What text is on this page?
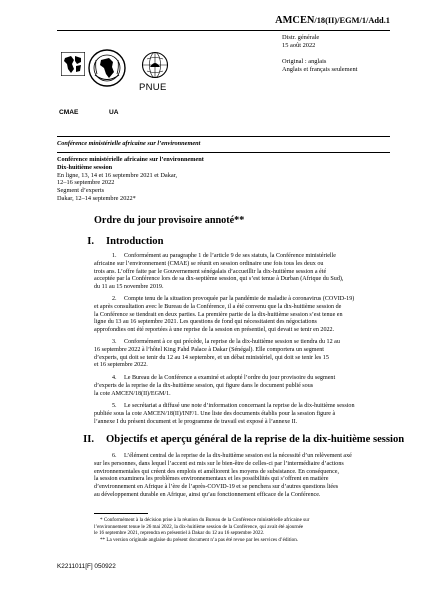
AMCEN/18(II)/EGM/1/Add.1
CMAE	UA
PNUE
Distr. générale
15 août 2022
Original : anglais
Anglais et français seulement
Conférence ministérielle africaine sur l’environnement
Conférence ministérielle africaine sur l’environnement
Dix-huitième session
En ligne, 13, 14 et 16 septembre 2021 et Dakar,
12–16 septembre 2022
Segment d’experts
Dakar, 12–14 septembre 2022*
Ordre du jour provisoire annoté**
I. Introduction
1. Conformément au paragraphe 1 de l’article 9 de ses statuts, la Conférence ministérielle
africaine sur l’environnement (CMAE) se réunit en session ordinaire une fois tous les deux ou
trois ans. L’offre faite par le Gouvernement sénégalais d’accueillir la dix-huitième session a été
acceptée par la Conférence lors de sa dix-septième session, qui s’est tenue à Durban (Afrique du Sud),
du 11 au 15 novembre 2019.
2. Compte tenu de la situation provoquée par la pandémie de maladie à coronavirus (COVID-19)
et après consultation avec le Bureau de la Conférence, il a été convenu que la dix-huitième session de
la Conférence se tiendrait en deux parties. La première partie de la dix-huitième session s’est tenue en
ligne du 13 au 16 septembre 2021. Les questions de fond qui nécessitaient des négociations
approfondies ont été reportées à une reprise de la session en présentiel, qui devait se tenir en 2022.
3. Conformément à ce qui précède, la reprise de la dix-huitième session se tiendra du 12 au
16 septembre 2022 à l’hôtel King Fahd Palace à Dakar (Sénégal). Elle comportera un segment
d’experts, qui doit se tenir du 12 au 14 septembre, et un débat ministériel, qui doit se tenir les 15
et 16 septembre 2022.
4. Le Bureau de la Conférence a examiné et adopté l’ordre du jour provisoire du segment
d’experts de la reprise de la dix-huitième session, qui figure dans le document publié sous
la cote AMCEN/18(II)/EGM/1.
5. Le secrétariat a diffusé une note d’information concernant la reprise de la dix-huitième session
publiée sous la cote AMCEN/18(II)/INF/1. Une liste des documents établis pour la session figure à
l’annexe I du présent document et le programme de travail est exposé à l’annexe II.
II. Objectifs et aperçu général de la reprise de la dix-huitième session
6. L’élément central de la reprise de la dix-huitième session est la nécessité d’un relèvement axé
sur les personnes, dans lequel l’accent est mis sur le bien-être de celles-ci par l’intermédiaire d’actions
environnementales qui créent des emplois et améliorent les moyens de subsistance. En conséquence,
la session examinera les problèmes environnementaux et les possibilités qui s’offrent en matière
d’environnement en Afrique à l’ère de l’après-COVID-19 et se penchera sur d’autres questions liées
au développement durable en Afrique, ainsi qu’au fonctionnement efficace de la Conférence.
* Conformément à la décision prise à la réunion du Bureau de la Conférence ministérielle africaine sur
l’environnement tenue le 26 mai 2022, la dix-huitième session de la Conférence, qui avait été ajournée
le 16 septembre 2021, reprendra en présentiel à Dakar du 12 au 16 septembre 2022.
** La version originale anglaise du présent document n’a pas été revue par les services d’édition.
K2211011[F] 050922
